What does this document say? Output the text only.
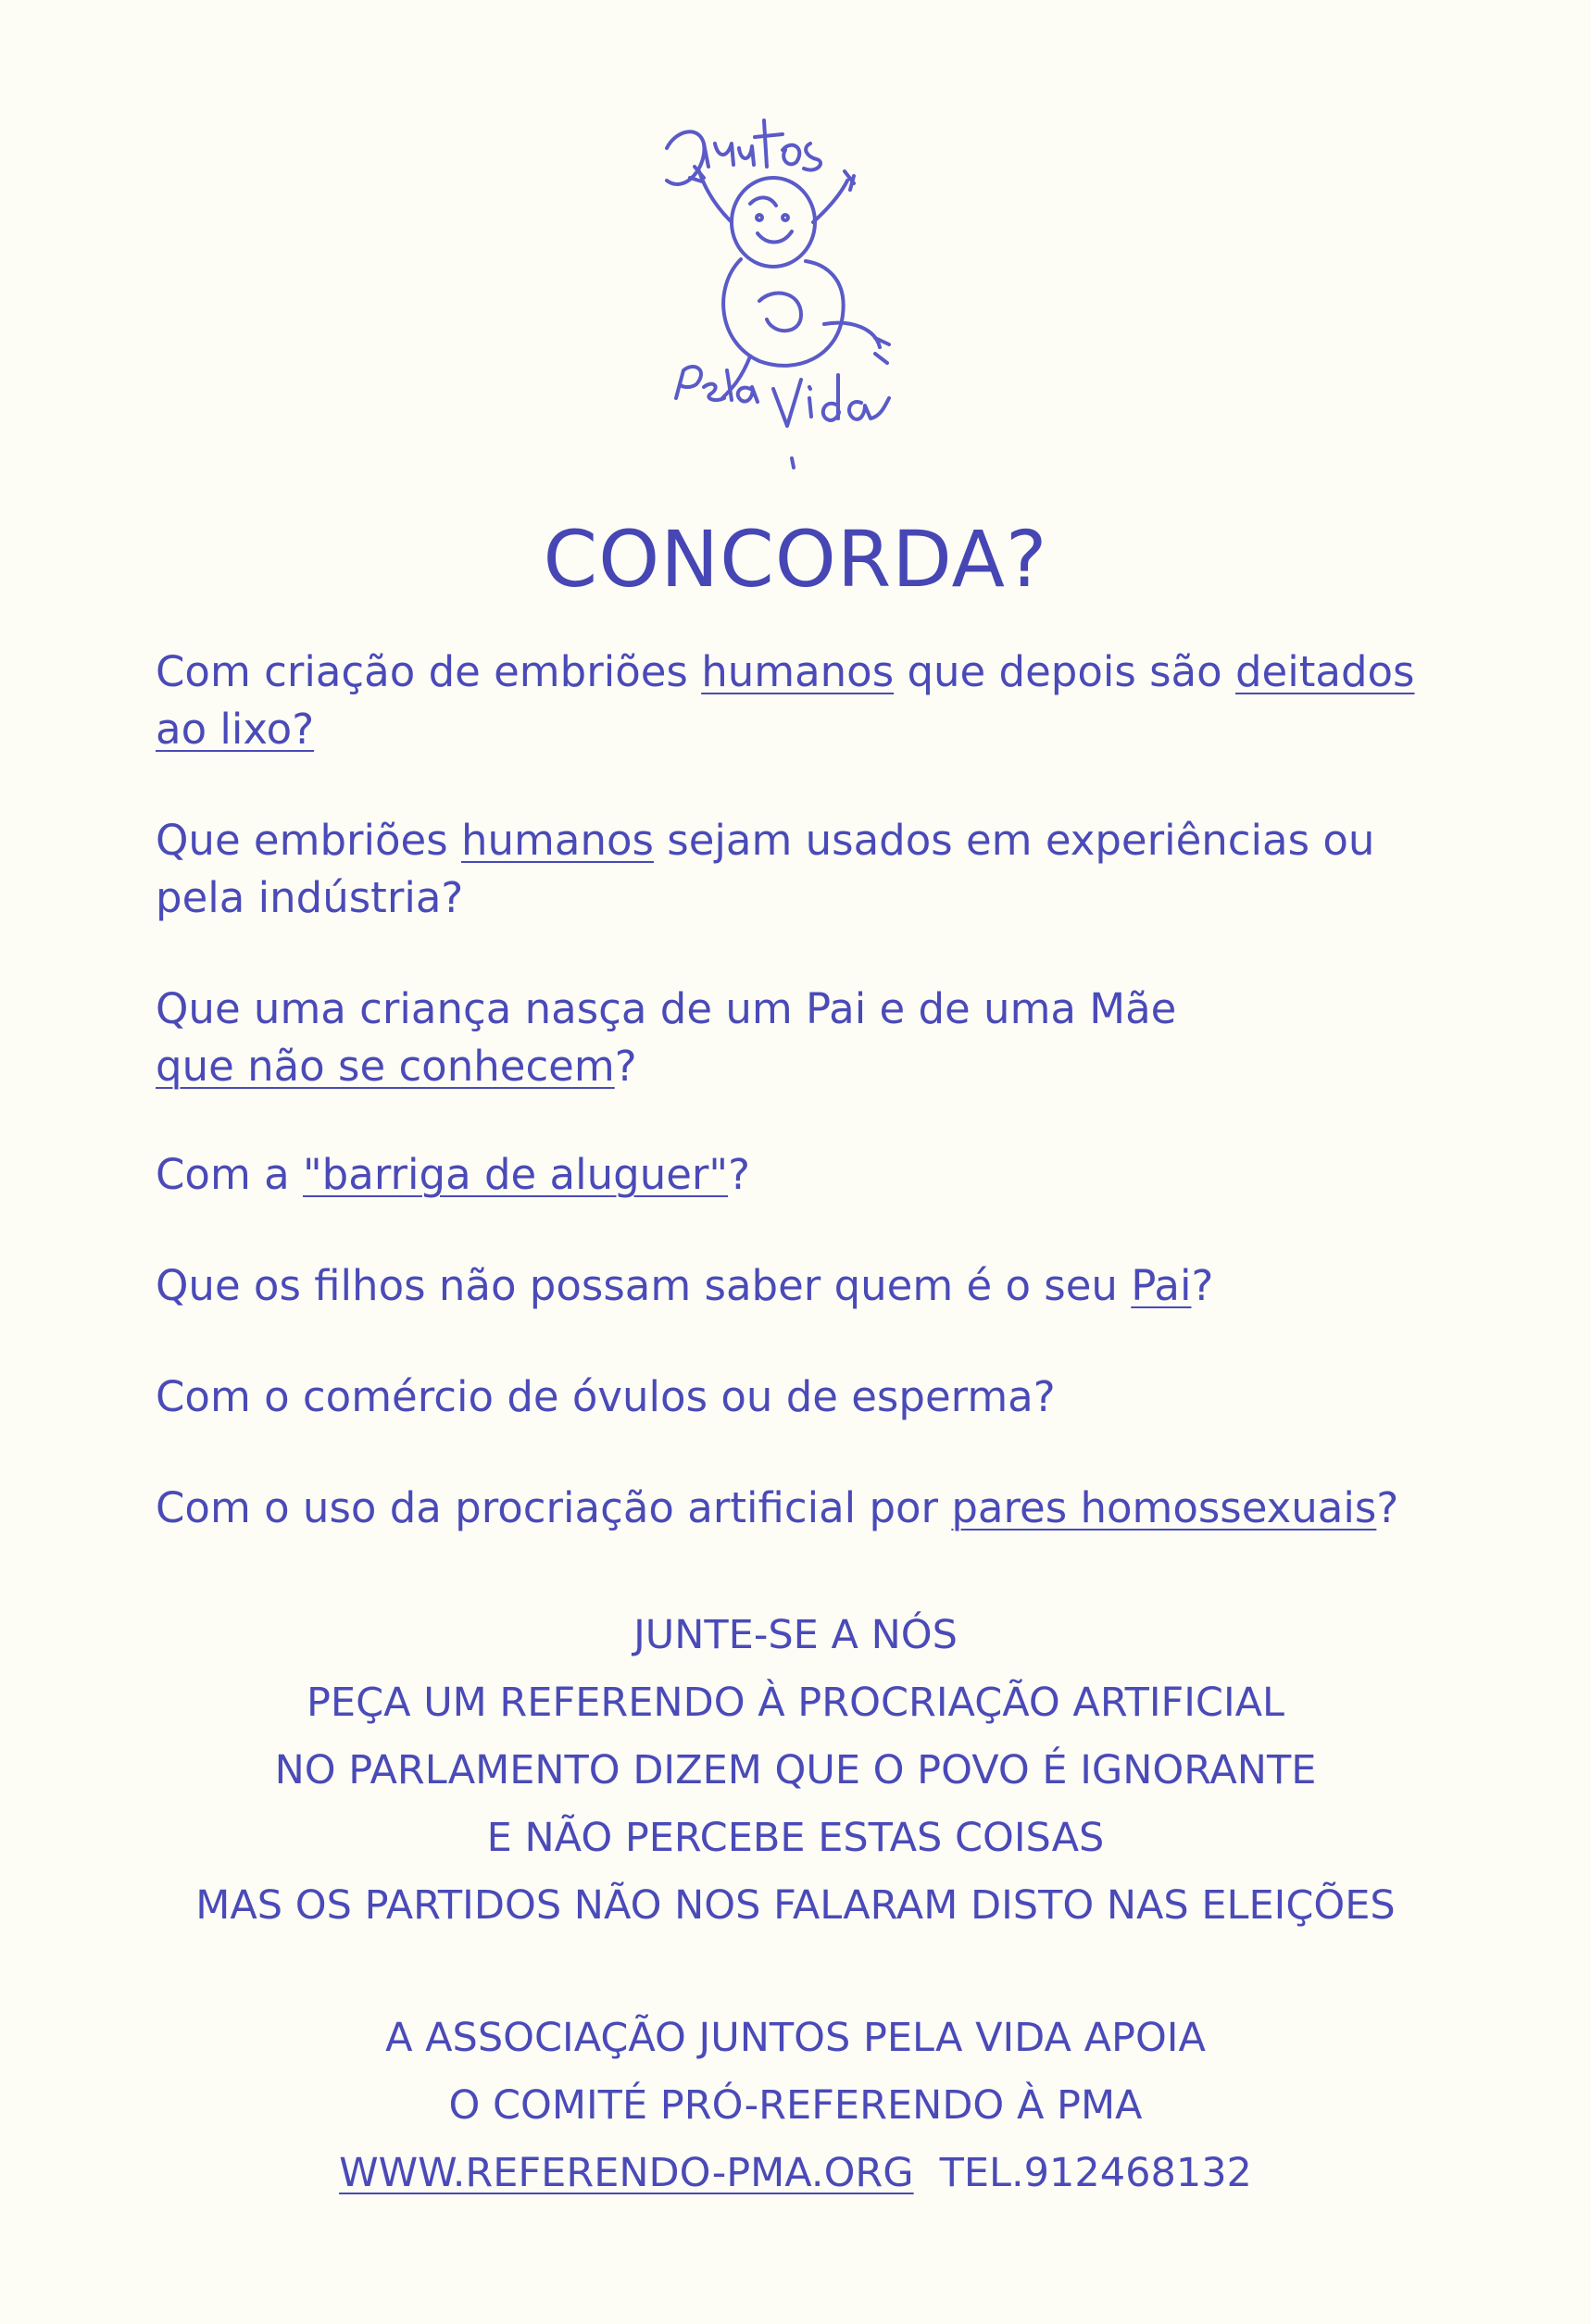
CONCORDA?
Com criação de embriões humanos que depois são deitados ao lixo?
Que embriões humanos sejam usados em experiências ou pela indústria?
Que uma criança nasça de um Pai e de uma Mãe
que não se conhecem?
Com a "barriga de aluguer"?
Que os filhos não possam saber quem é o seu Pai?
Com o comércio de óvulos ou de esperma?
Com o uso da procriação artificial por pares homossexuais?
JUNTE-SE A NÓS
PEÇA UM REFERENDO À PROCRIAÇÃO ARTIFICIAL
NO PARLAMENTO DIZEM QUE O POVO É IGNORANTE
E NÃO PERCEBE ESTAS COISAS
MAS OS PARTIDOS NÃO NOS FALARAM DISTO NAS ELEIÇÕES
A ASSOCIAÇÃO JUNTOS PELA VIDA APOIA
O COMITÉ PRÓ-REFERENDO À PMA
WWW.REFERENDO-PMA.ORG TEL.912468132
